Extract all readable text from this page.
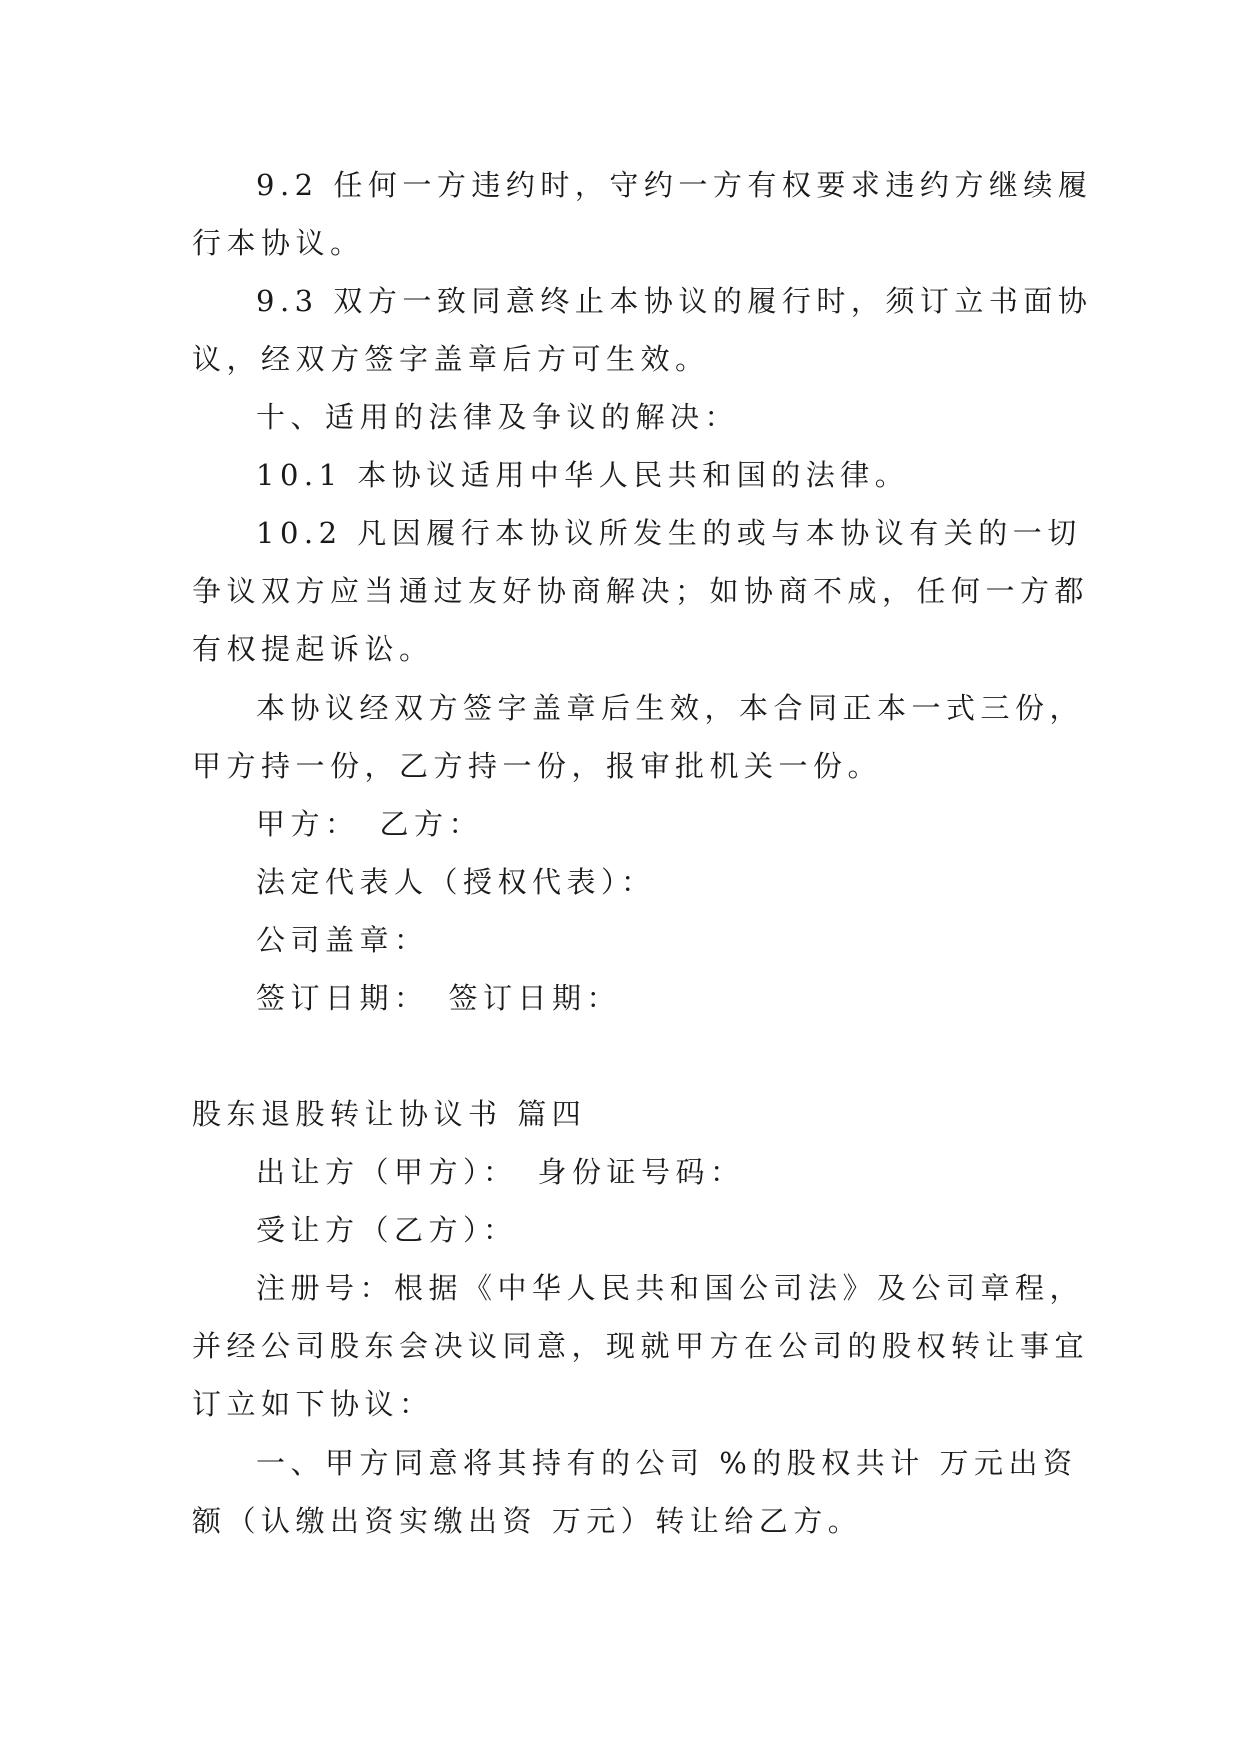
9.2 任何一方违约时，守约一方有权要求违约方继续履
行本协议。
9.3 双方一致同意终止本协议的履行时，须订立书面协
议，经双方签字盖章后方可生效。
十、适用的法律及争议的解决：
10.1 本协议适用中华人民共和国的法律。
10.2 凡因履行本协议所发生的或与本协议有关的一切
争议双方应当通过友好协商解决；如协商不成，任何一方都
有权提起诉讼。
本协议经双方签字盖章后生效，本合同正本一式三份，
甲方持一份，乙方持一份，报审批机关一份。
甲方：　乙方：
法定代表人（授权代表）：
公司盖章：
签订日期：　签订日期：
股东退股转让协议书 篇四
出让方（甲方）：　身份证号码：
受让方（乙方）：
注册号：根据《中华人民共和国公司法》及公司章程，
并经公司股东会决议同意，现就甲方在公司的股权转让事宜
订立如下协议：
一、甲方同意将其持有的公司 %的股权共计 万元出资
额（认缴出资实缴出资 万元）转让给乙方。
